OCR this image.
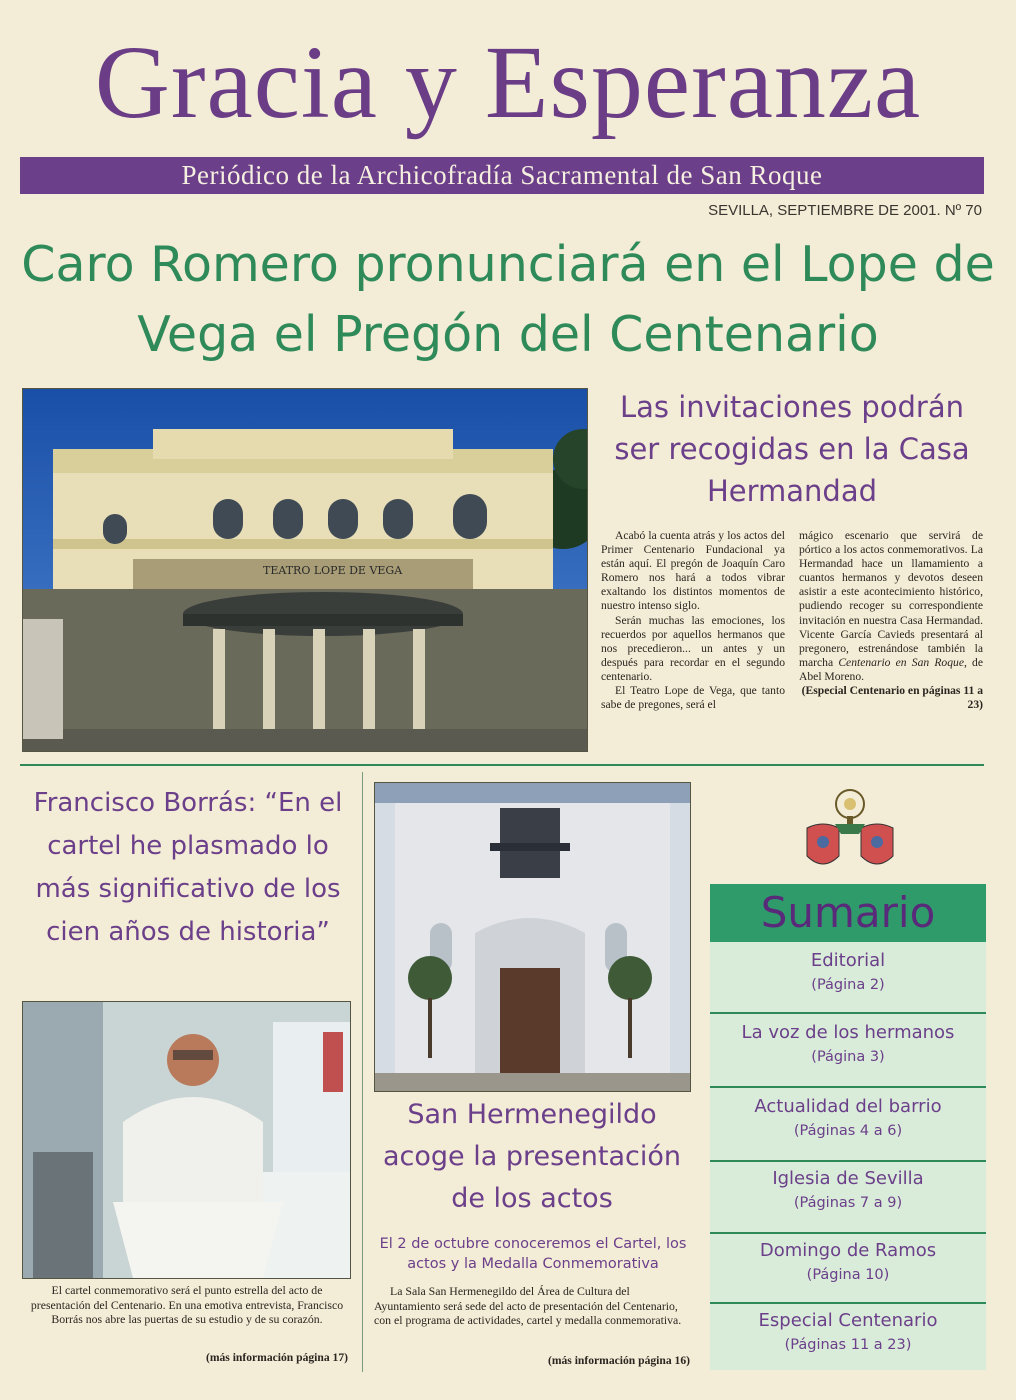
Gracia y Esperanza
Periódico de la Archicofradía Sacramental de San Roque
SEVILLA, SEPTIEMBRE DE 2001. Nº 70
Caro Romero pronunciará en el Lope de Vega el Pregón del Centenario
TEATRO LOPE DE VEGA
Las invitaciones podrán ser recogidas en la Casa Hermandad

Acabó la cuenta atrás y los actos del Primer Centenario Fundacional ya están aquí. El pregón de Joaquín Caro Romero nos hará a todos vibrar exaltando los distintos momentos de nuestro intenso siglo.

Serán muchas las emociones, los recuerdos por aquellos hermanos que nos precedieron... un antes y un después para recordar en el segundo centenario.

El Teatro Lope de Vega, que tanto sabe de pregones, será el

mágico escenario que servirá de pórtico a los actos conmemorativos. La Hermandad hace un llamamiento a cuantos hermanos y devotos deseen asistir a este acontecimiento histórico, pudiendo recoger su correspondiente invitación en nuestra Casa Hermandad. Vicente García Cavieds presentará al pregonero, estrenándose también la marcha Centenario en San Roque, de Abel Moreno.

(Especial Centenario en páginas 11 a 23)
Francisco Borrás: “En el cartel he plasmado lo más significativo de los cien años de historia”
El cartel conmemorativo será el punto estrella del acto de presentación del Centenario. En una emotiva entrevista, Francisco Borrás nos abre las puertas de su estudio y de su corazón.
(más información página 17)
San Hermenegildo acoge la presentación de los actos
El 2 de octubre conoceremos el Cartel, los actos y la Medalla Conmemorativa
La Sala San Hermenegildo del Área de Cultura del Ayuntamiento será sede del acto de presentación del Centenario, con el programa de actividades, cartel y medalla conmemorativa.
(más información página 16)
Sumario
Editorial
(Página 2)
La voz de los hermanos
(Página 3)
Actualidad del barrio
(Páginas 4 a 6)
Iglesia de Sevilla
(Páginas 7 a 9)
Domingo de Ramos
(Página 10)
Especial Centenario
(Páginas 11 a 23)
